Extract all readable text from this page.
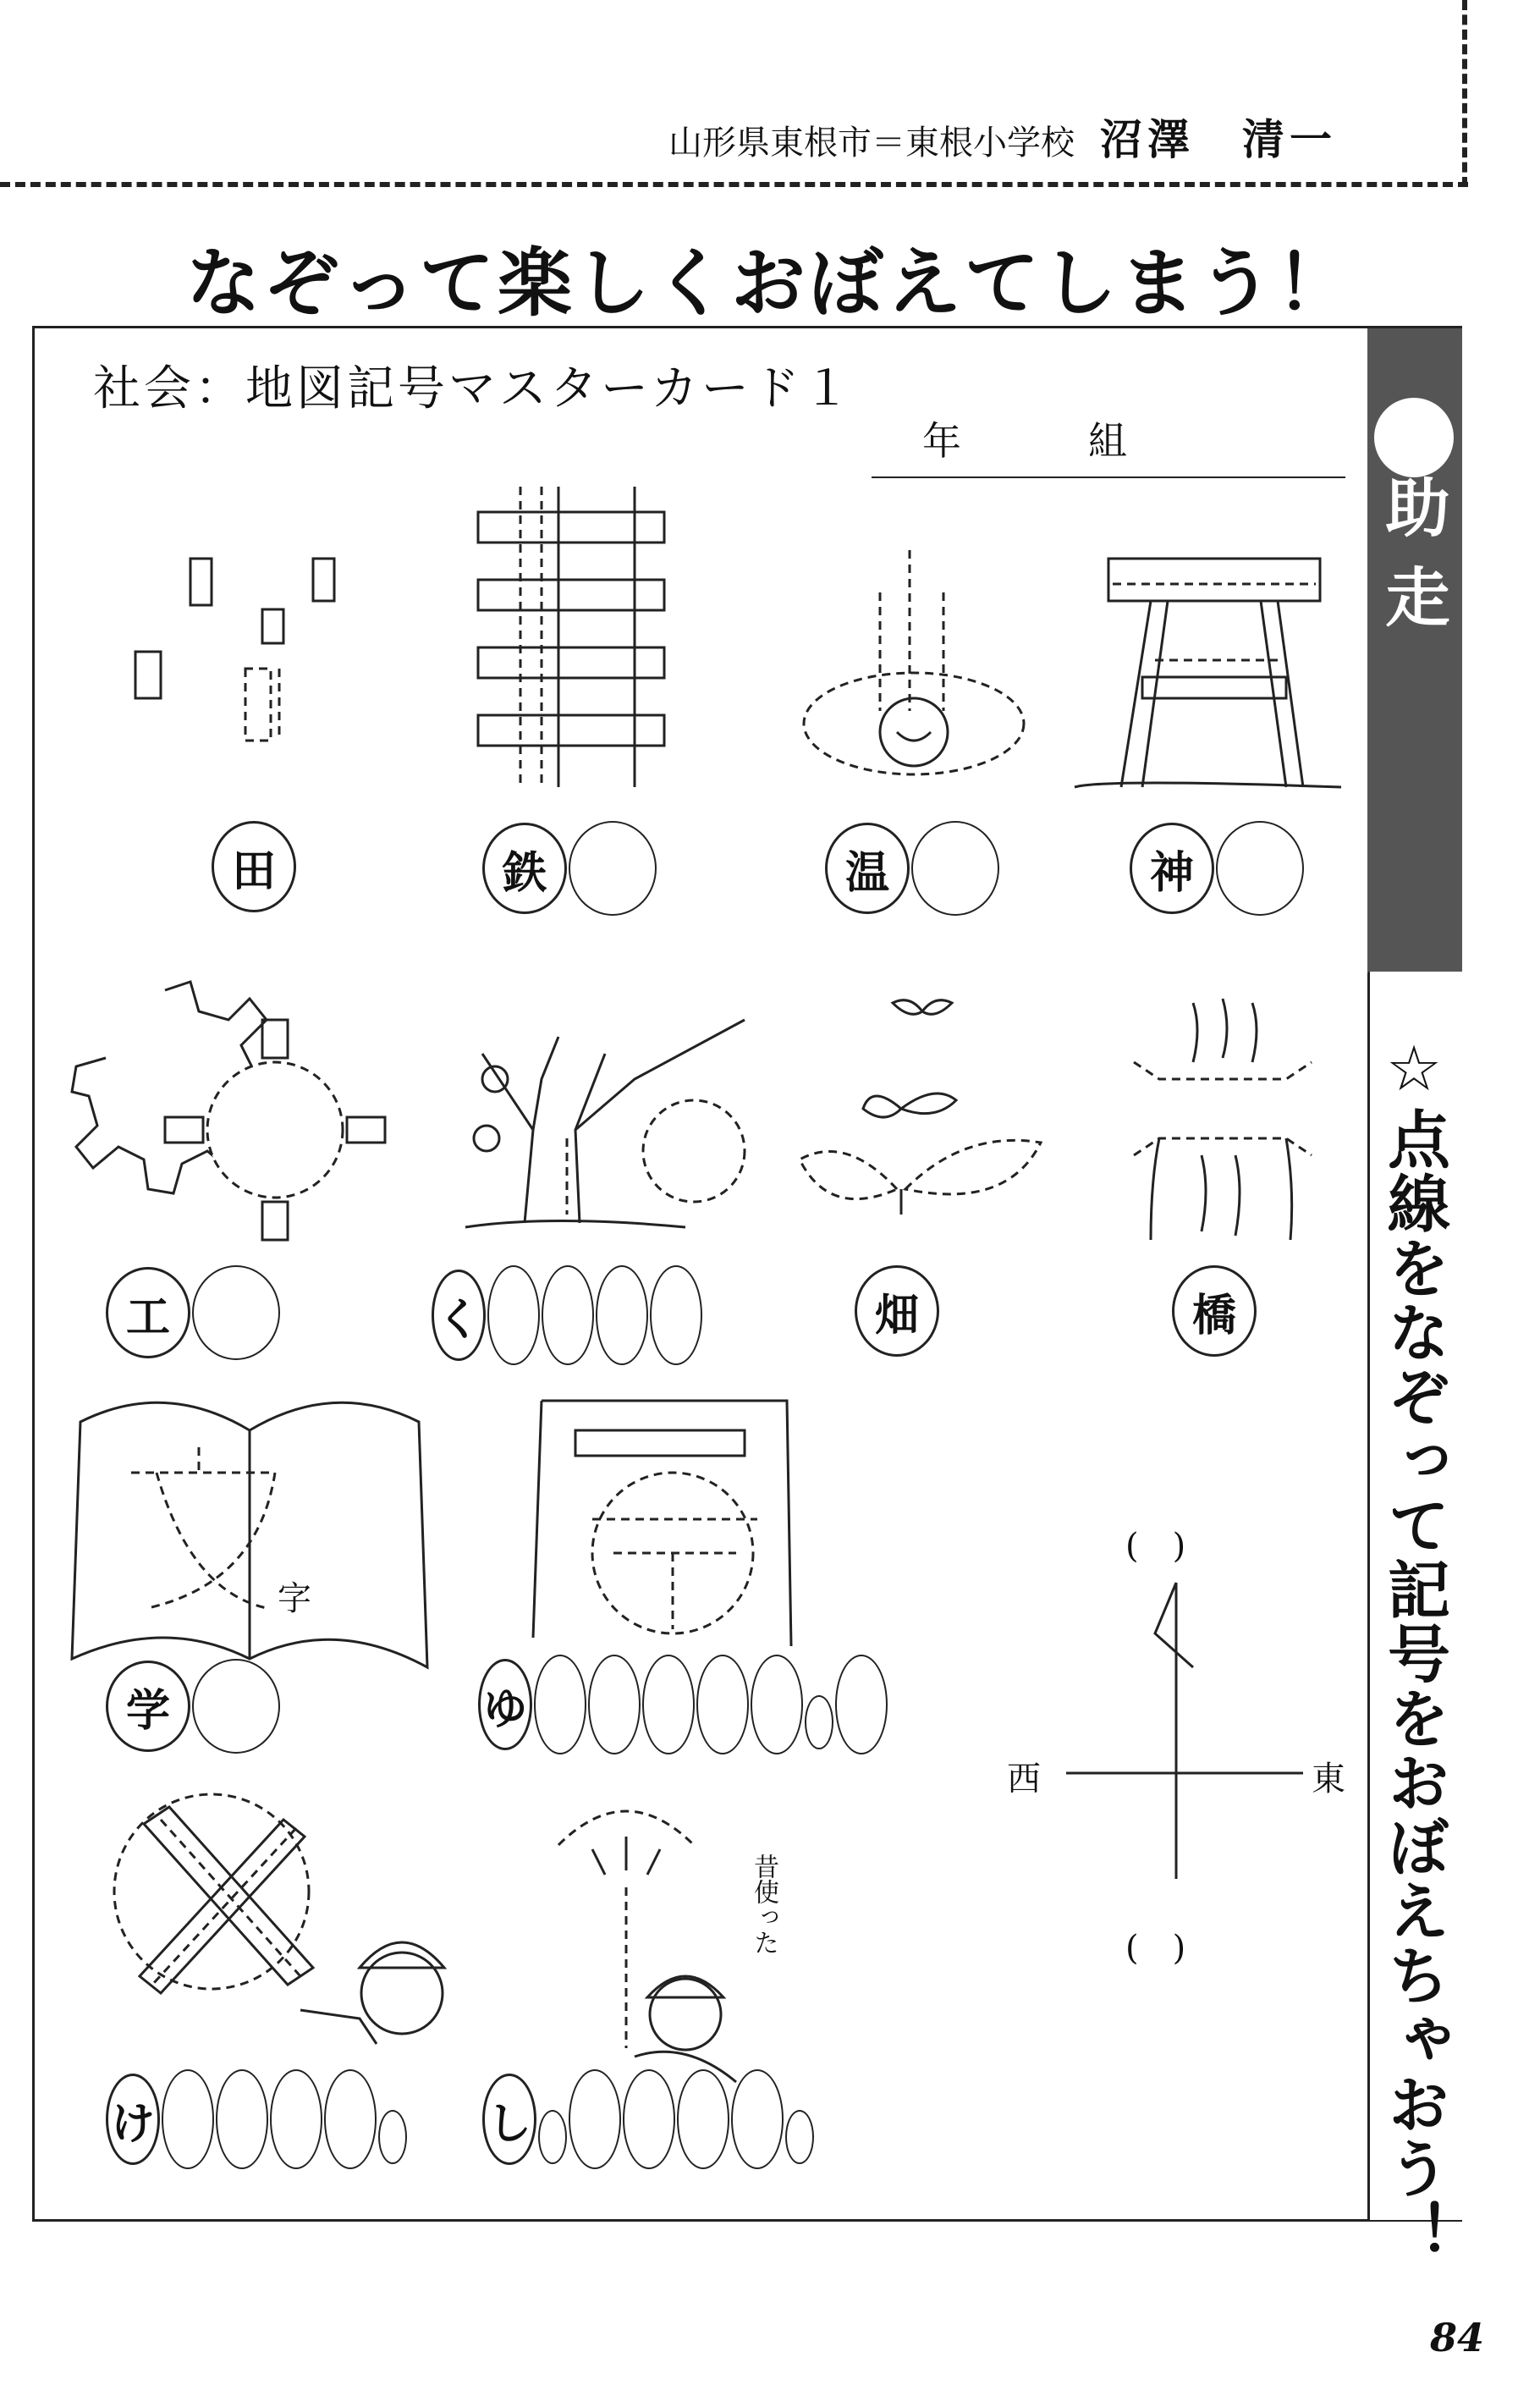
山形県東根市＝東根小学校 沼澤　清一
なぞって楽しくおぼえてしまう！
社会：地図記号マスターカード１
年	組
助走
☆点線をなぞって記号をおぼえちゃおう！
田	鉄	温	神
工	く	畑	橋
字
学	ゆ
(　)
西	東
(　)
昔使った
け	し
84
